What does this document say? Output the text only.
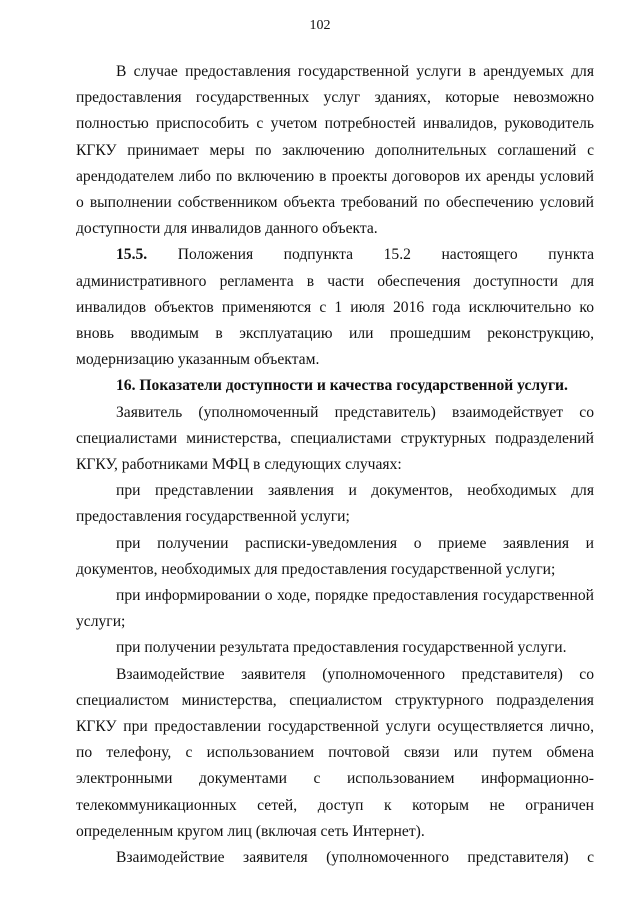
102

В случае предоставления государственной услуги в арендуемых для предоставления государственных услуг зданиях, которые невозможно полностью приспособить с учетом потребностей инвалидов, руководитель КГКУ принимает меры по заключению дополнительных соглашений с арендодателем либо по включению в проекты договоров их аренды условий о выполнении собственником объекта требований по обеспечению условий доступности для инвалидов данного объекта.

15.5. Положения подпункта 15.2 настоящего пункта административного регламента в части обеспечения доступности для инвалидов объектов применяются с 1 июля 2016 года исключительно ко вновь вводимым в эксплуатацию или прошедшим реконструкцию, модернизацию указанным объектам.

16. Показатели доступности и качества государственной услуги.

Заявитель (уполномоченный представитель) взаимодействует со специалистами министерства, специалистами структурных подразделений КГКУ, работниками МФЦ в следующих случаях:

при представлении заявления и документов, необходимых для предоставления государственной услуги;

при получении расписки-уведомления о приеме заявления и документов, необходимых для предоставления государственной услуги;

при информировании о ходе, порядке предоставления государственной услуги;

при получении результата предоставления государственной услуги.

Взаимодействие заявителя (уполномоченного представителя) со специалистом министерства, специалистом структурного подразделения КГКУ при предоставлении государственной услуги осуществляется лично, по телефону, с использованием почтовой связи или путем обмена электронными документами с использованием информационно-телекоммуникационных сетей, доступ к которым не ограничен определенным кругом лиц (включая сеть Интернет).

Взаимодействие заявителя (уполномоченного представителя) с
